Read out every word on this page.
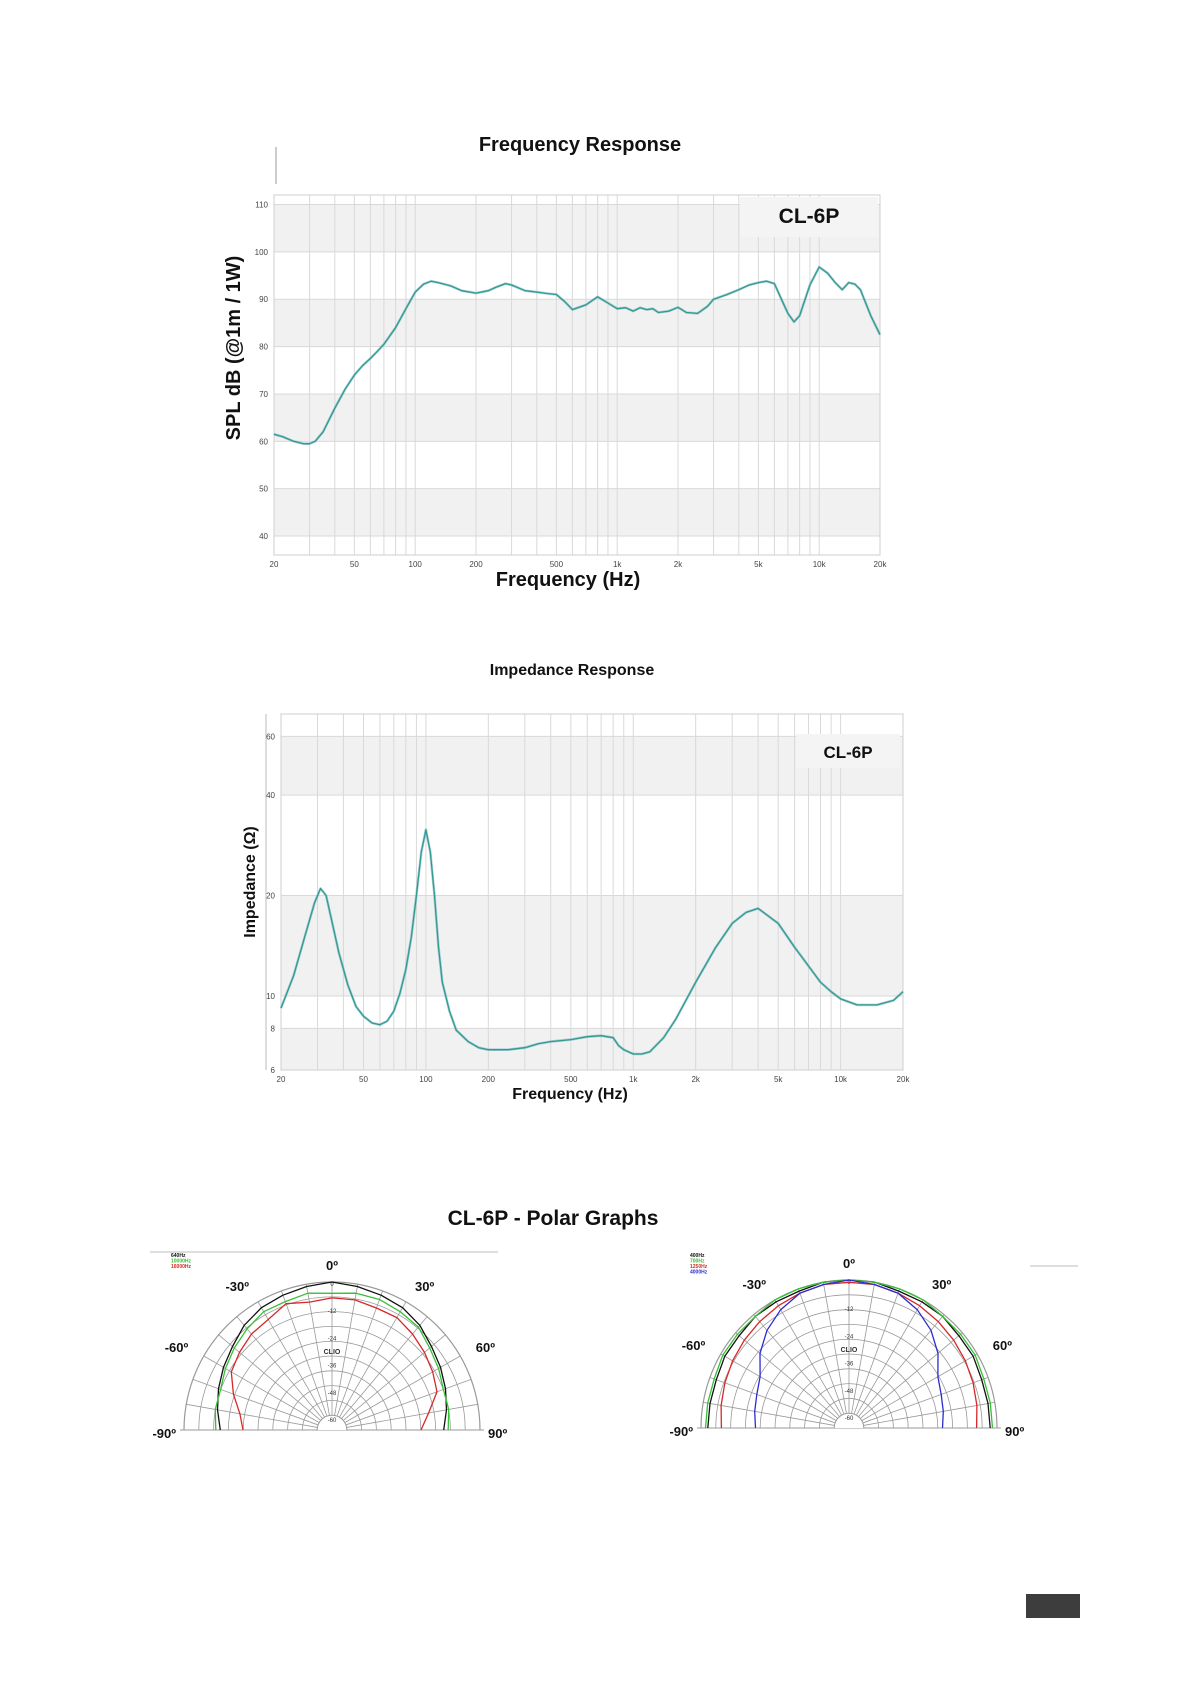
Frequency Response
40
50
60
70
80
90
100
110
20	50	100	200	500	1k	2k	5k	10k	20k
CL-6P
Frequency (Hz)
SPL dB (@1m / 1W)
Impedance Response
6
8
10
20
40
60
20	50	100	200	500	1k	2k	5k	10k	20k
CL-6P
Frequency (Hz)
Impedance (Ω)
CL-6P - Polar Graphs
0
-12
-24
CLIO
-36
-48
-60
0º
30º
-30º
60º
-60º
90º
-90º
640Hz
10000Hz
16000Hz
0
-12
-24
CLIO
-36
-48
-60
0º
30º
-30º
60º
-60º
90º
-90º
400Hz
700Hz
1250Hz
4000Hz
